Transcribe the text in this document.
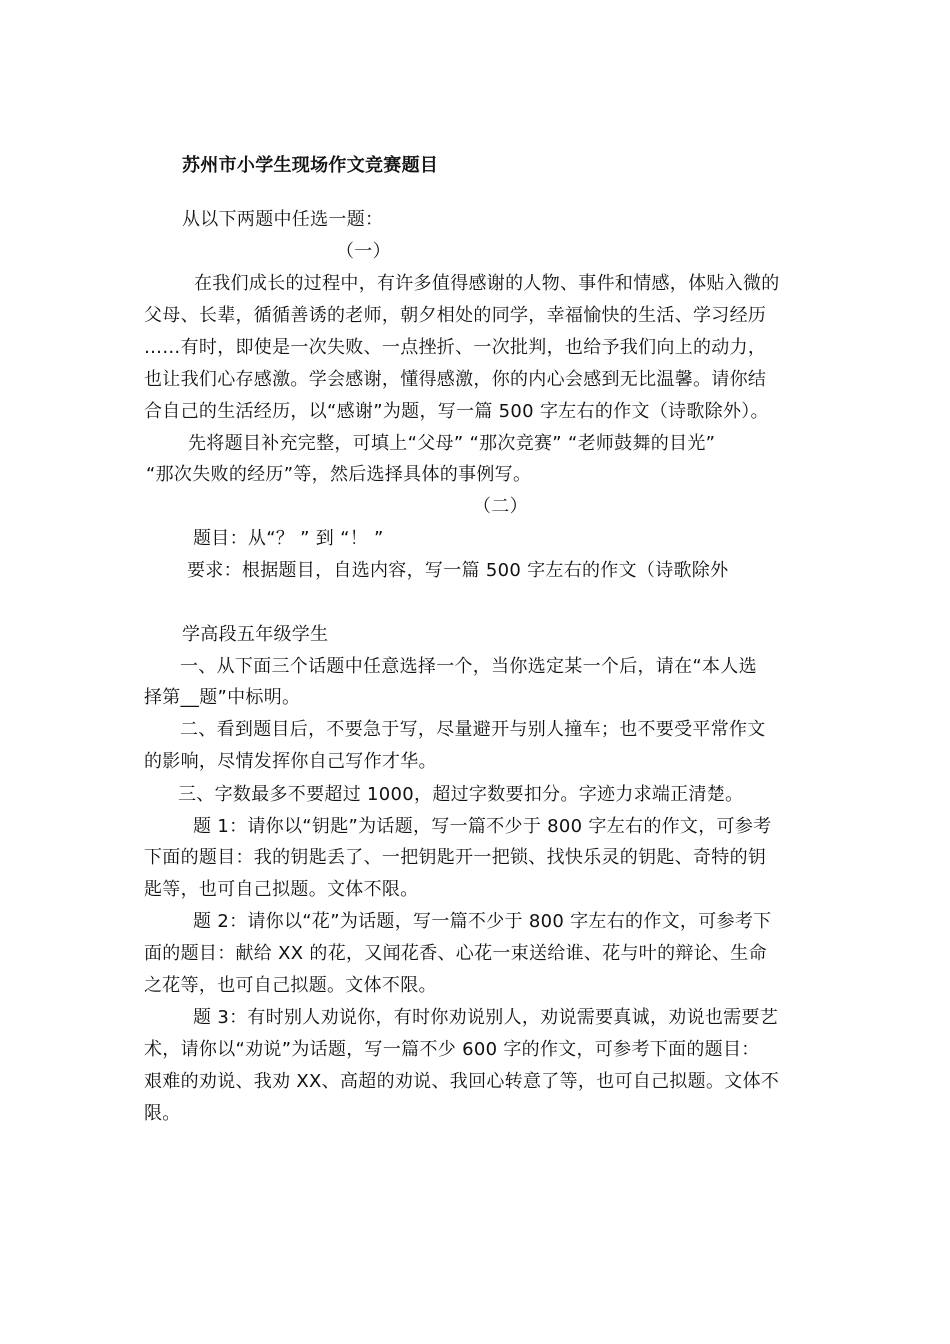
苏州市小学生现场作文竞赛题目
从以下两题中任选一题：
（一）
在我们成长的过程中，有许多值得感谢的人物、事件和情感，体贴入微的
父母、长辈，循循善诱的老师，朝夕相处的同学，幸福愉快的生活、学习经历
……有时，即使是一次失败、一点挫折、一次批判，也给予我们向上的动力，
也让我们心存感激。学会感谢，懂得感激，你的内心会感到无比温馨。请你结
合自己的生活经历，以“感谢”为题，写一篇 500 字左右的作文（诗歌除外）。
先将题目补充完整，可填上“父母” “那次竞赛” “老师鼓舞的目光”
“那次失败的经历”等，然后选择具体的事例写。
（二）
题目：从“？ ” 到 “！ ”
要求：根据题目，自选内容，写一篇 500 字左右的作文（诗歌除外
学高段五年级学生
一、从下面三个话题中任意选择一个，当你选定某一个后，请在“本人选
择第__题”中标明。
二、看到题目后，不要急于写，尽量避开与别人撞车；也不要受平常作文
的影响，尽情发挥你自己写作才华。
三、字数最多不要超过 1000，超过字数要扣分。字迹力求端正清楚。
题 1：请你以“钥匙”为话题，写一篇不少于 800 字左右的作文，可参考
下面的题目：我的钥匙丢了、一把钥匙开一把锁、找快乐灵的钥匙、奇特的钥
匙等，也可自己拟题。文体不限。
题 2：请你以“花”为话题，写一篇不少于 800 字左右的作文，可参考下
面的题目：献给 XX 的花，又闻花香、心花一束送给谁、花与叶的辩论、生命
之花等，也可自己拟题。文体不限。
题 3：有时别人劝说你，有时你劝说别人，劝说需要真诚，劝说也需要艺
术，请你以“劝说”为话题，写一篇不少 600 字的作文，可参考下面的题目：
艰难的劝说、我劝 XX、高超的劝说、我回心转意了等，也可自己拟题。文体不
限。
